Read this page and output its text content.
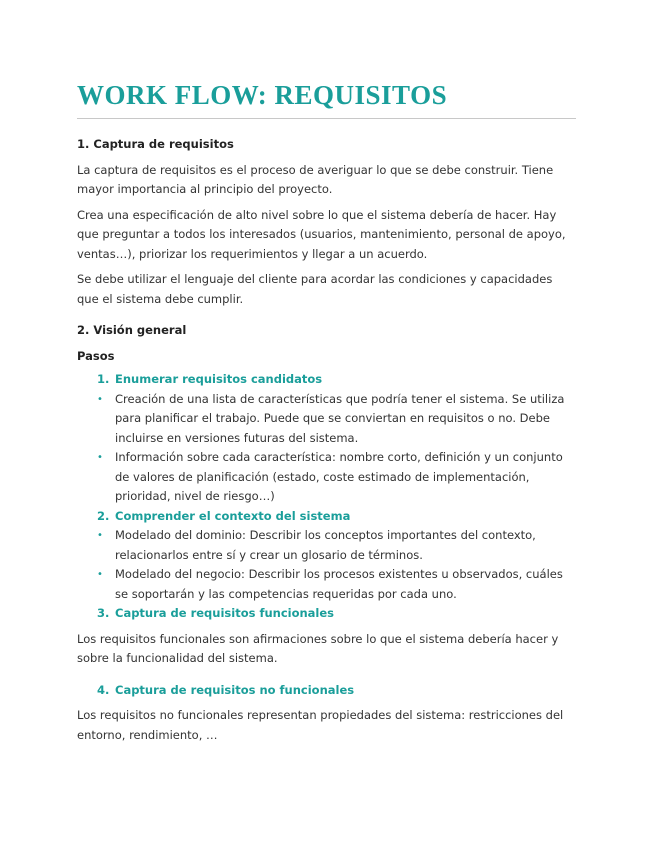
WORK FLOW: REQUISITOS
1. Captura de requisitos

La captura de requisitos es el proceso de averiguar lo que se debe construir. Tiene mayor importancia al principio del proyecto.

Crea una especificación de alto nivel sobre lo que el sistema debería de hacer. Hay que preguntar a todos los interesados (usuarios, mantenimiento, personal de apoyo, ventas…), priorizar los requerimientos y llegar a un acuerdo.

Se debe utilizar el lenguaje del cliente para acordar las condiciones y capacidades que el sistema debe cumplir.

2. Visión general
Pasos
1. Enumerar requisitos candidatos
•	Creación de una lista de características que podría tener el sistema. Se utiliza para planificar el trabajo. Puede que se conviertan en requisitos o no. Debe incluirse en versiones futuras del sistema.
•	Información sobre cada característica: nombre corto, definición y un conjunto de valores de planificación (estado, coste estimado de implementación, prioridad, nivel de riesgo…)
2. Comprender el contexto del sistema
•	Modelado del dominio: Describir los conceptos importantes del contexto, relacionarlos entre sí y crear un glosario de términos.
•	Modelado del negocio: Describir los procesos existentes u observados, cuáles se soportarán y las competencias requeridas por cada uno.
3. Captura de requisitos funcionales

Los requisitos funcionales son afirmaciones sobre lo que el sistema debería hacer y sobre la funcionalidad del sistema.

4. Captura de requisitos no funcionales

Los requisitos no funcionales representan propiedades del sistema: restricciones del entorno, rendimiento, …
